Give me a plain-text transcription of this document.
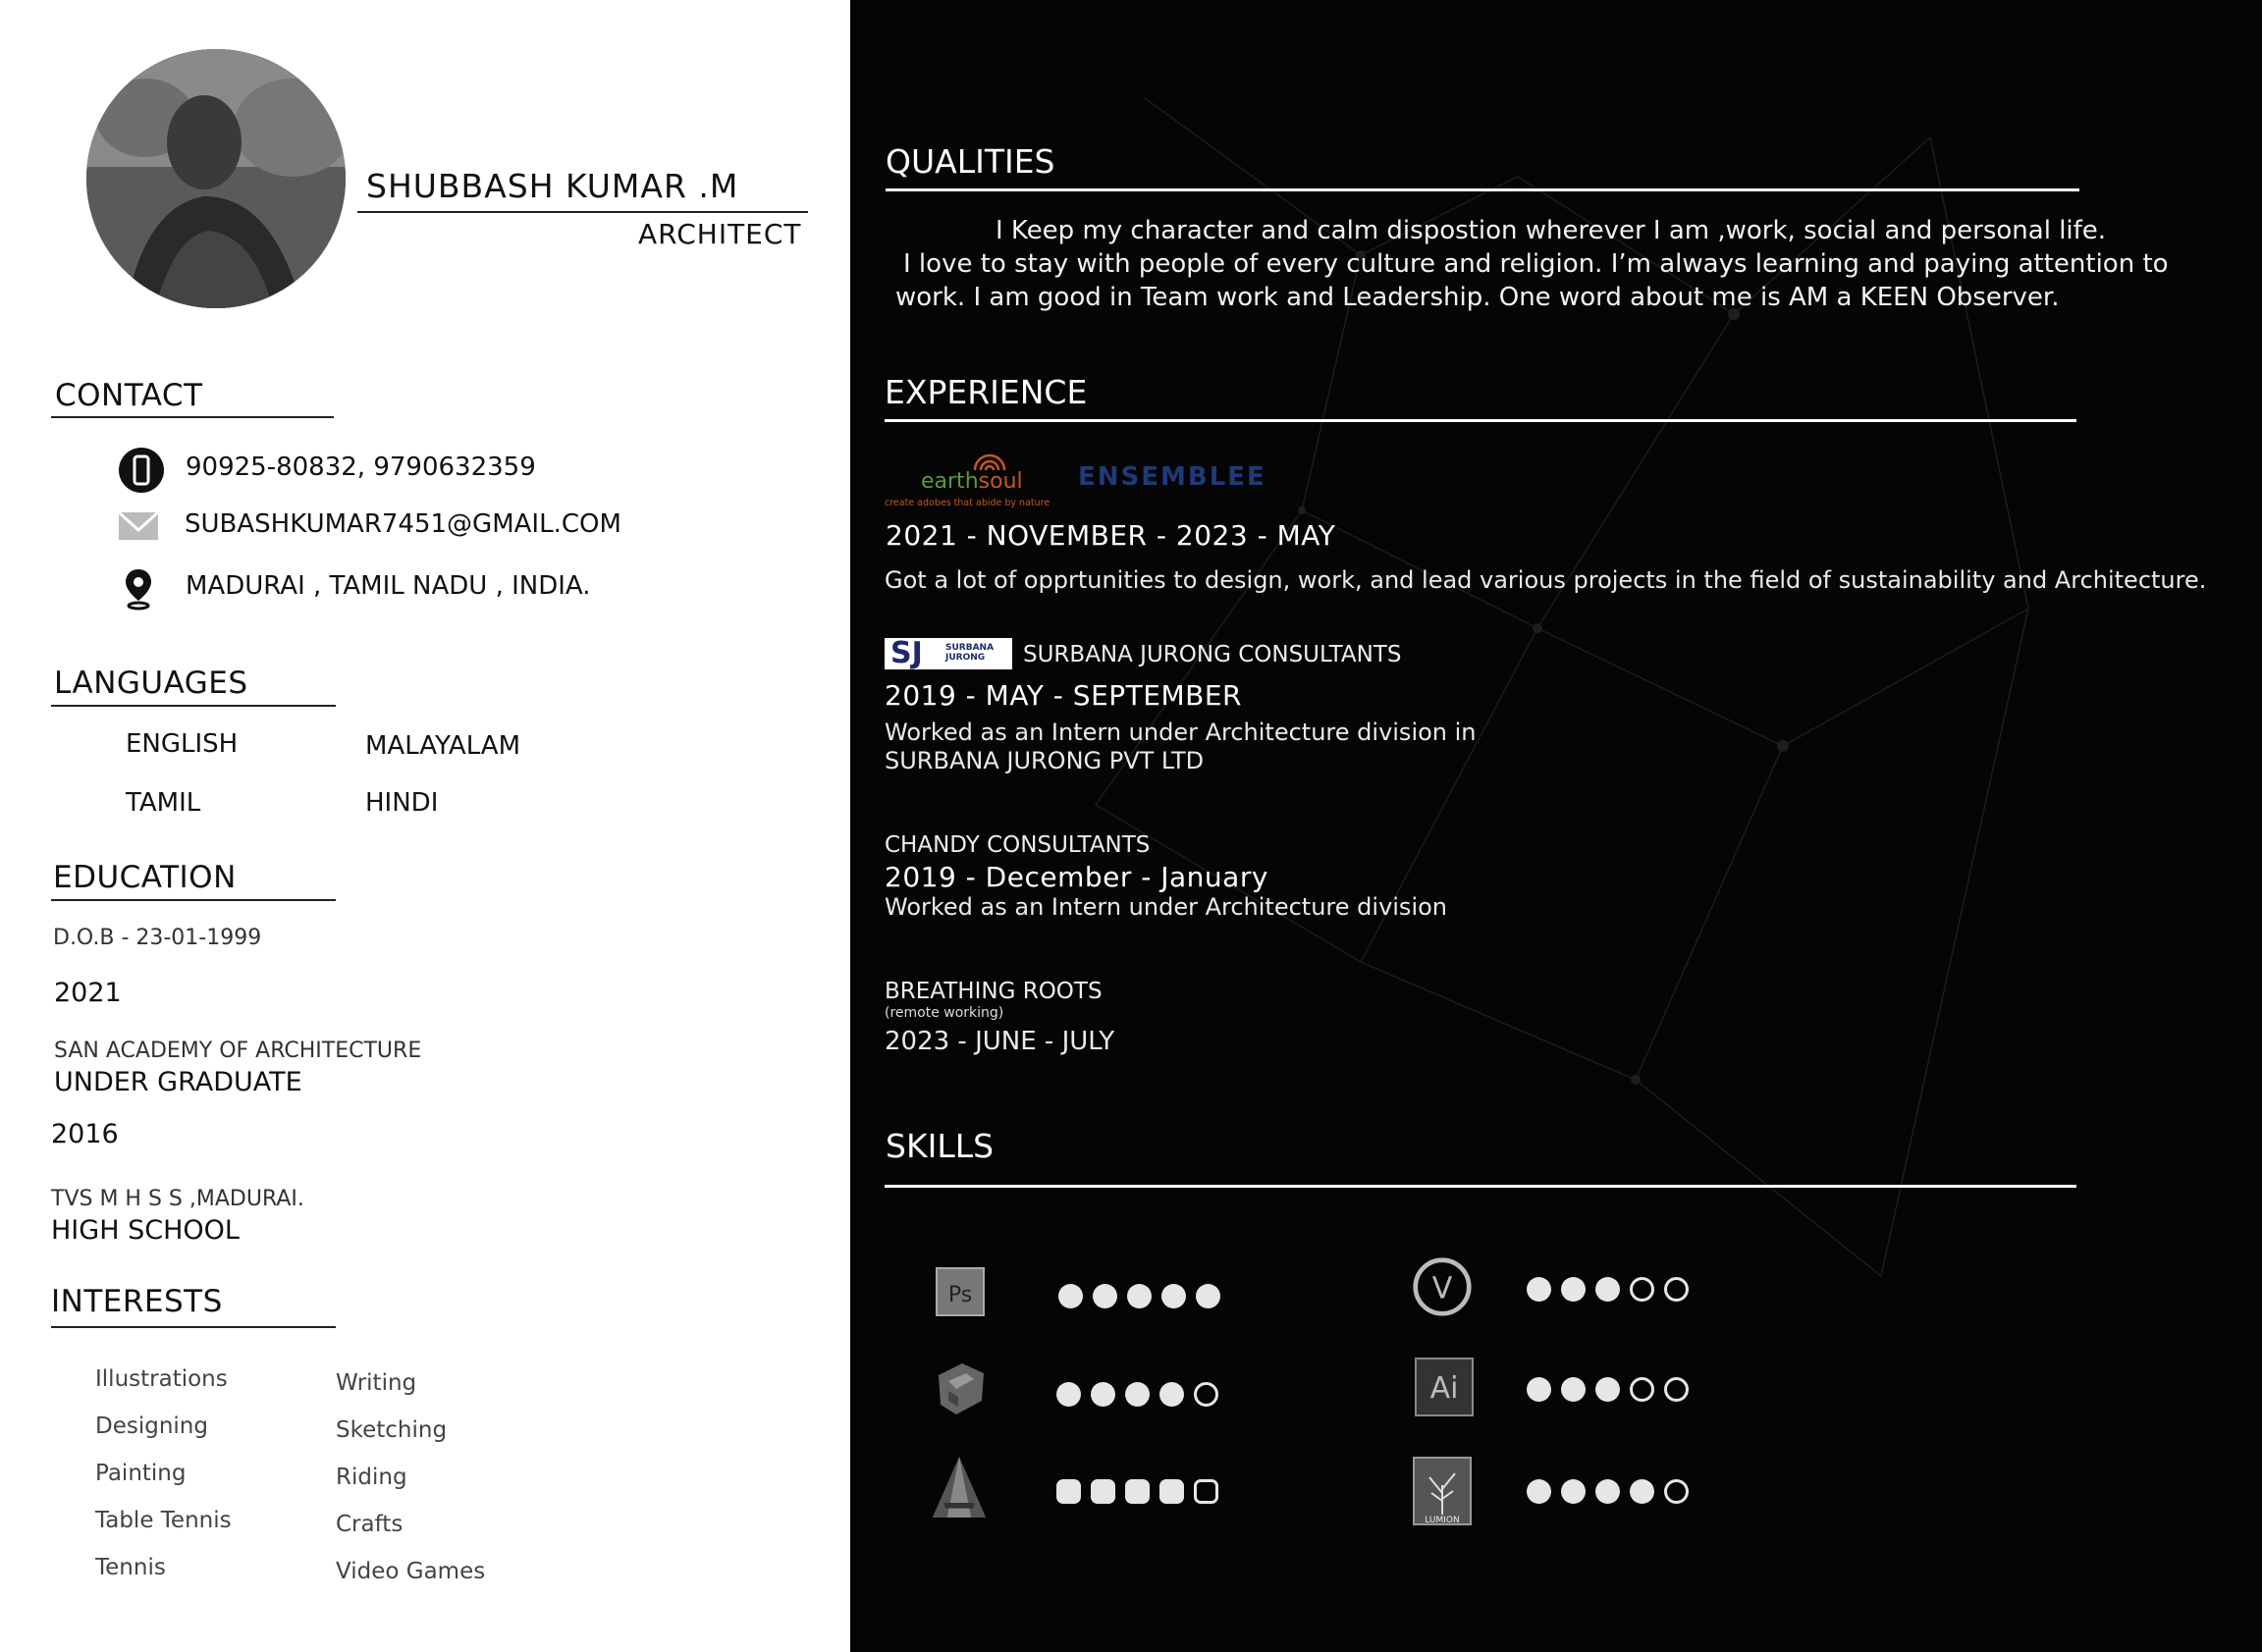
SHUBBASH KUMAR .M
ARCHITECT
CONTACT
90925-80832, 9790632359
SUBASHKUMAR7451@GMAIL.COM
MADURAI , TAMIL NADU , INDIA.
LANGUAGES
ENGLISH	MALAYALAM
TAMIL	HINDI
EDUCATION
D.O.B - 23-01-1999
2021
SAN ACADEMY OF ARCHITECTURE
UNDER GRADUATE
2016
TVS M H S S ,MADURAI.
HIGH SCHOOL
INTERESTS
Illustrations	Writing
Designing	Sketching
Painting	Riding
Table Tennis	Crafts
Tennis	Video Games
QUALITIES
I Keep my character and calm dispostion wherever I am ,work, social and personal life.
I love to stay with people of every culture and religion. I’m always learning and paying attention to
work. I am good in Team work and Leadership. One word about me is AM a KEEN Observer.
EXPERIENCE
earthsoul
create adobes that abide by nature
ENSEMBLEE
2021 - NOVEMBER - 2023 - MAY
Got a lot of opprtunities to design, work, and lead various projects in the field of sustainability and Architecture.
SJ	SURBANA
JURONG	SURBANA JURONG CONSULTANTS
2019 - MAY - SEPTEMBER
Worked as an Intern under Architecture division in
SURBANA JURONG PVT LTD
CHANDY CONSULTANTS
2019 - December - January
Worked as an Intern under Architecture division
BREATHING ROOTS
(remote working)
2023 - JUNE - JULY
SKILLS
Ps	V
Ai
LUMION
